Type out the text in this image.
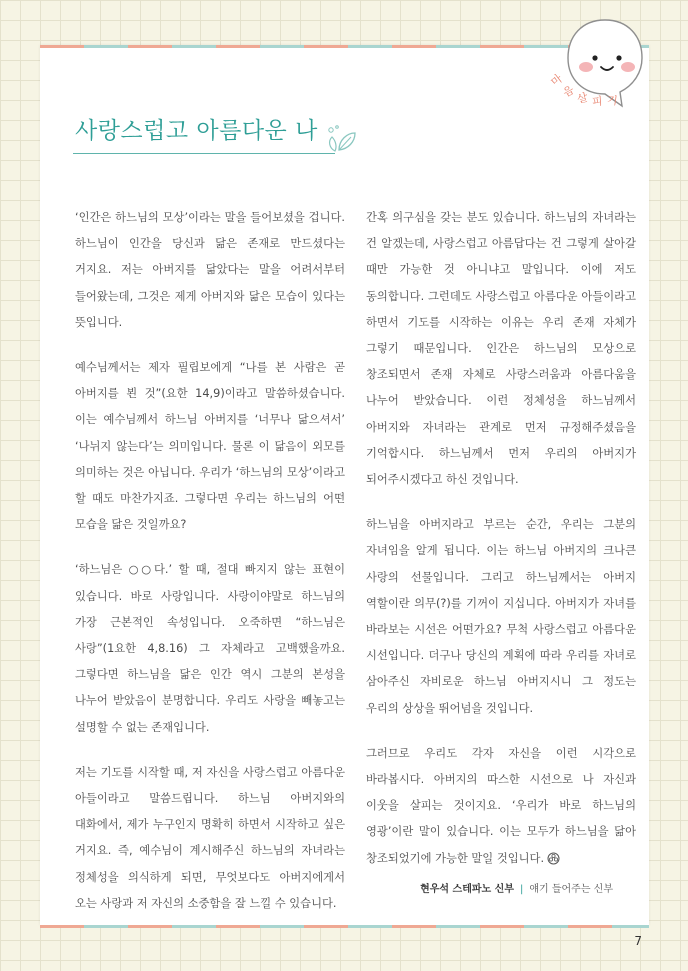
마
음 살 피 기
사랑스럽고 아름다운 나

‘인간은 하느님의 모상’이라는 말을 들어보셨을 겁니다. 하느님이 인간을 당신과 닮은 존재로 만드셨다는 거지요. 저는 아버지를 닮았다는 말을 어려서부터 들어왔는데, 그것은 제게 아버지와 닮은 모습이 있다는 뜻입니다.

예수님께서는 제자 필립보에게 “나를 본 사람은 곧 아버지를 뵌 것”(요한 14,9)이라고 말씀하셨습니다. 이는 예수님께서 하느님 아버지를 ‘너무나 닮으셔서’ ‘나뉘지 않는다’는 의미입니다. 물론 이 닮음이 외모를 의미하는 것은 아닙니다. 우리가 ‘하느님의 모상’이라고 할 때도 마찬가지죠. 그렇다면 우리는 하느님의 어떤 모습을 닮은 것일까요?

‘하느님은 ○○다.’ 할 때, 절대 빠지지 않는 표현이 있습니다. 바로 사랑입니다. 사랑이야말로 하느님의 가장 근본적인 속성입니다. 오죽하면 “하느님은 사랑”(1요한 4,8.16) 그 자체라고 고백했을까요. 그렇다면 하느님을 닮은 인간 역시 그분의 본성을 나누어 받았음이 분명합니다. 우리도 사랑을 빼놓고는 설명할 수 없는 존재입니다.

저는 기도를 시작할 때, 저 자신을 사랑스럽고 아름다운 아들이라고 말씀드립니다. 하느님 아버지와의 대화에서, 제가 누구인지 명확히 하면서 시작하고 싶은 거지요. 즉, 예수님이 계시해주신 하느님의 자녀라는 정체성을 의식하게 되면, 무엇보다도 아버지에게서 오는 사랑과 저 자신의 소중함을 잘 느낄 수 있습니다.

간혹 의구심을 갖는 분도 있습니다. 하느님의 자녀라는 건 알겠는데, 사랑스럽고 아름답다는 건 그렇게 살아갈 때만 가능한 것 아니냐고 말입니다. 이에 저도 동의합니다. 그런데도 사랑스럽고 아름다운 아들이라고 하면서 기도를 시작하는 이유는 우리 존재 자체가 그렇기 때문입니다. 인간은 하느님의 모상으로 창조되면서 존재 자체로 사랑스러움과 아름다움을 나누어 받았습니다. 이런 정체성을 하느님께서 아버지와 자녀라는 관계로 먼저 규정해주셨음을 기억합시다. 하느님께서 먼저 우리의 아버지가 되어주시겠다고 하신 것입니다.

하느님을 아버지라고 부르는 순간, 우리는 그분의 자녀임을 알게 됩니다. 이는 하느님 아버지의 크나큰 사랑의 선물입니다. 그리고 하느님께서는 아버지 역할이란 의무(?)를 기꺼이 지십니다. 아버지가 자녀를 바라보는 시선은 어떤가요? 무척 사랑스럽고 아름다운 시선입니다. 더구나 당신의 계획에 따라 우리를 자녀로 삼아주신 자비로운 하느님 아버지시니 그 정도는 우리의 상상을 뛰어넘을 것입니다.

그러므로 우리도 각자 자신을 이런 시각으로 바라봅시다. 아버지의 따스한 시선으로 나 자신과 이웃을 살피는 것이지요. ‘우리가 바로 하느님의 영광’이란 말이 있습니다. 이는 모두가 하느님을 닮아 창조되었기에 가능한 말일 것입니다.

현우석 스테파노 신부 | 얘기 들어주는 신부
7
